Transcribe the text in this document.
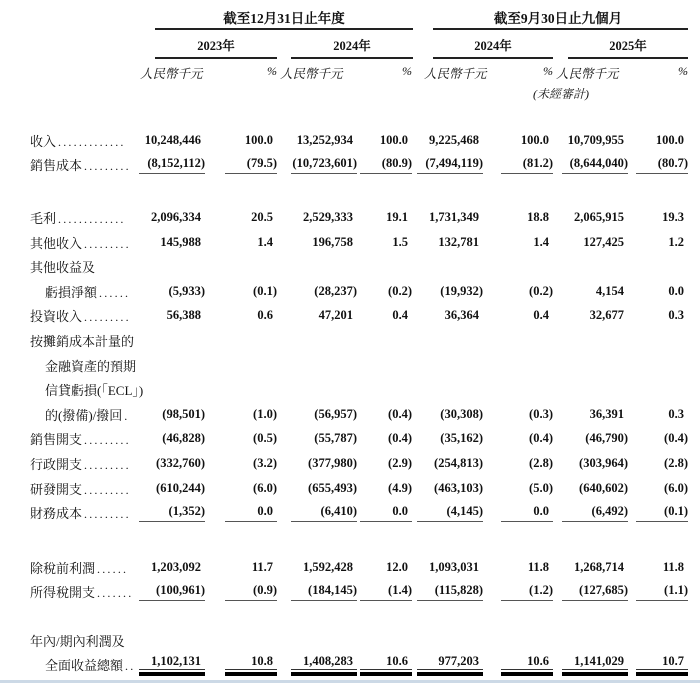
截至12月31日止年度	截至9月30日止九個月
2023年	2024年	2024年	2025年
人民幣千元	人民幣千元	人民幣千元	人民幣千元
%	%	%	%
(未經審計)
收入 .............	10,248,446	100.0	13,252,934	100.0	9,225,468	100.0	10,709,955	100.0
銷售成本 .........	(8,152,112)	(79.5) (10,723,601) (80.9) (7,494,119)	(81.2) (8,644,040) (80.7)
毛利 .............	2,096,334	20.5	2,529,333	19.1	1,731,349	18.8	2,065,915	19.3
其他收入 .........	145,988	1.4	196,758	1.5	132,781	1.4	127,425	1.2
其他收益及
虧損淨額 ......	(5,933)	(0.1)	(28,237) (0.2) (19,932)	(0.2)	4,154	0.0
投資收入 .........	56,388	0.6	47,201	0.4	36,364	0.4	32,677	0.3
按攤銷成本計量的
金融資產的預期
信貸虧損(「ECL」)
的(撥備)/撥回 .	(98,501)	(1.0)	(56,957) (0.4) (30,308)	(0.3)	36,391	0.3
銷售開支 .........	(46,828)	(0.5)	(55,787) (0.4) (35,162)	(0.4)	(46,790)	(0.4)
行政開支 .........	(332,760)	(3.2) (377,980) (2.9) (254,813)	(2.8) (303,964)	(2.8)
研發開支 .........	(610,244)	(6.0) (655,493) (4.9) (463,103)	(5.0) (640,602)	(6.0)
財務成本 .........	(1,352)	0.0	(6,410)	0.0	(4,145)	0.0	(6,492)	(0.1)
除稅前利潤 ......	1,203,092	11.7	1,592,428	12.0	1,093,031	11.8	1,268,714	11.8
所得稅開支 .......	(100,961)	(0.9) (184,145) (1.4) (115,828)	(1.2) (127,685)	(1.1)
年內/期內利潤及
全面收益總額 ..	1,102,131	10.8	1,408,283	10.6	977,203	10.6	1,141,029	10.7
